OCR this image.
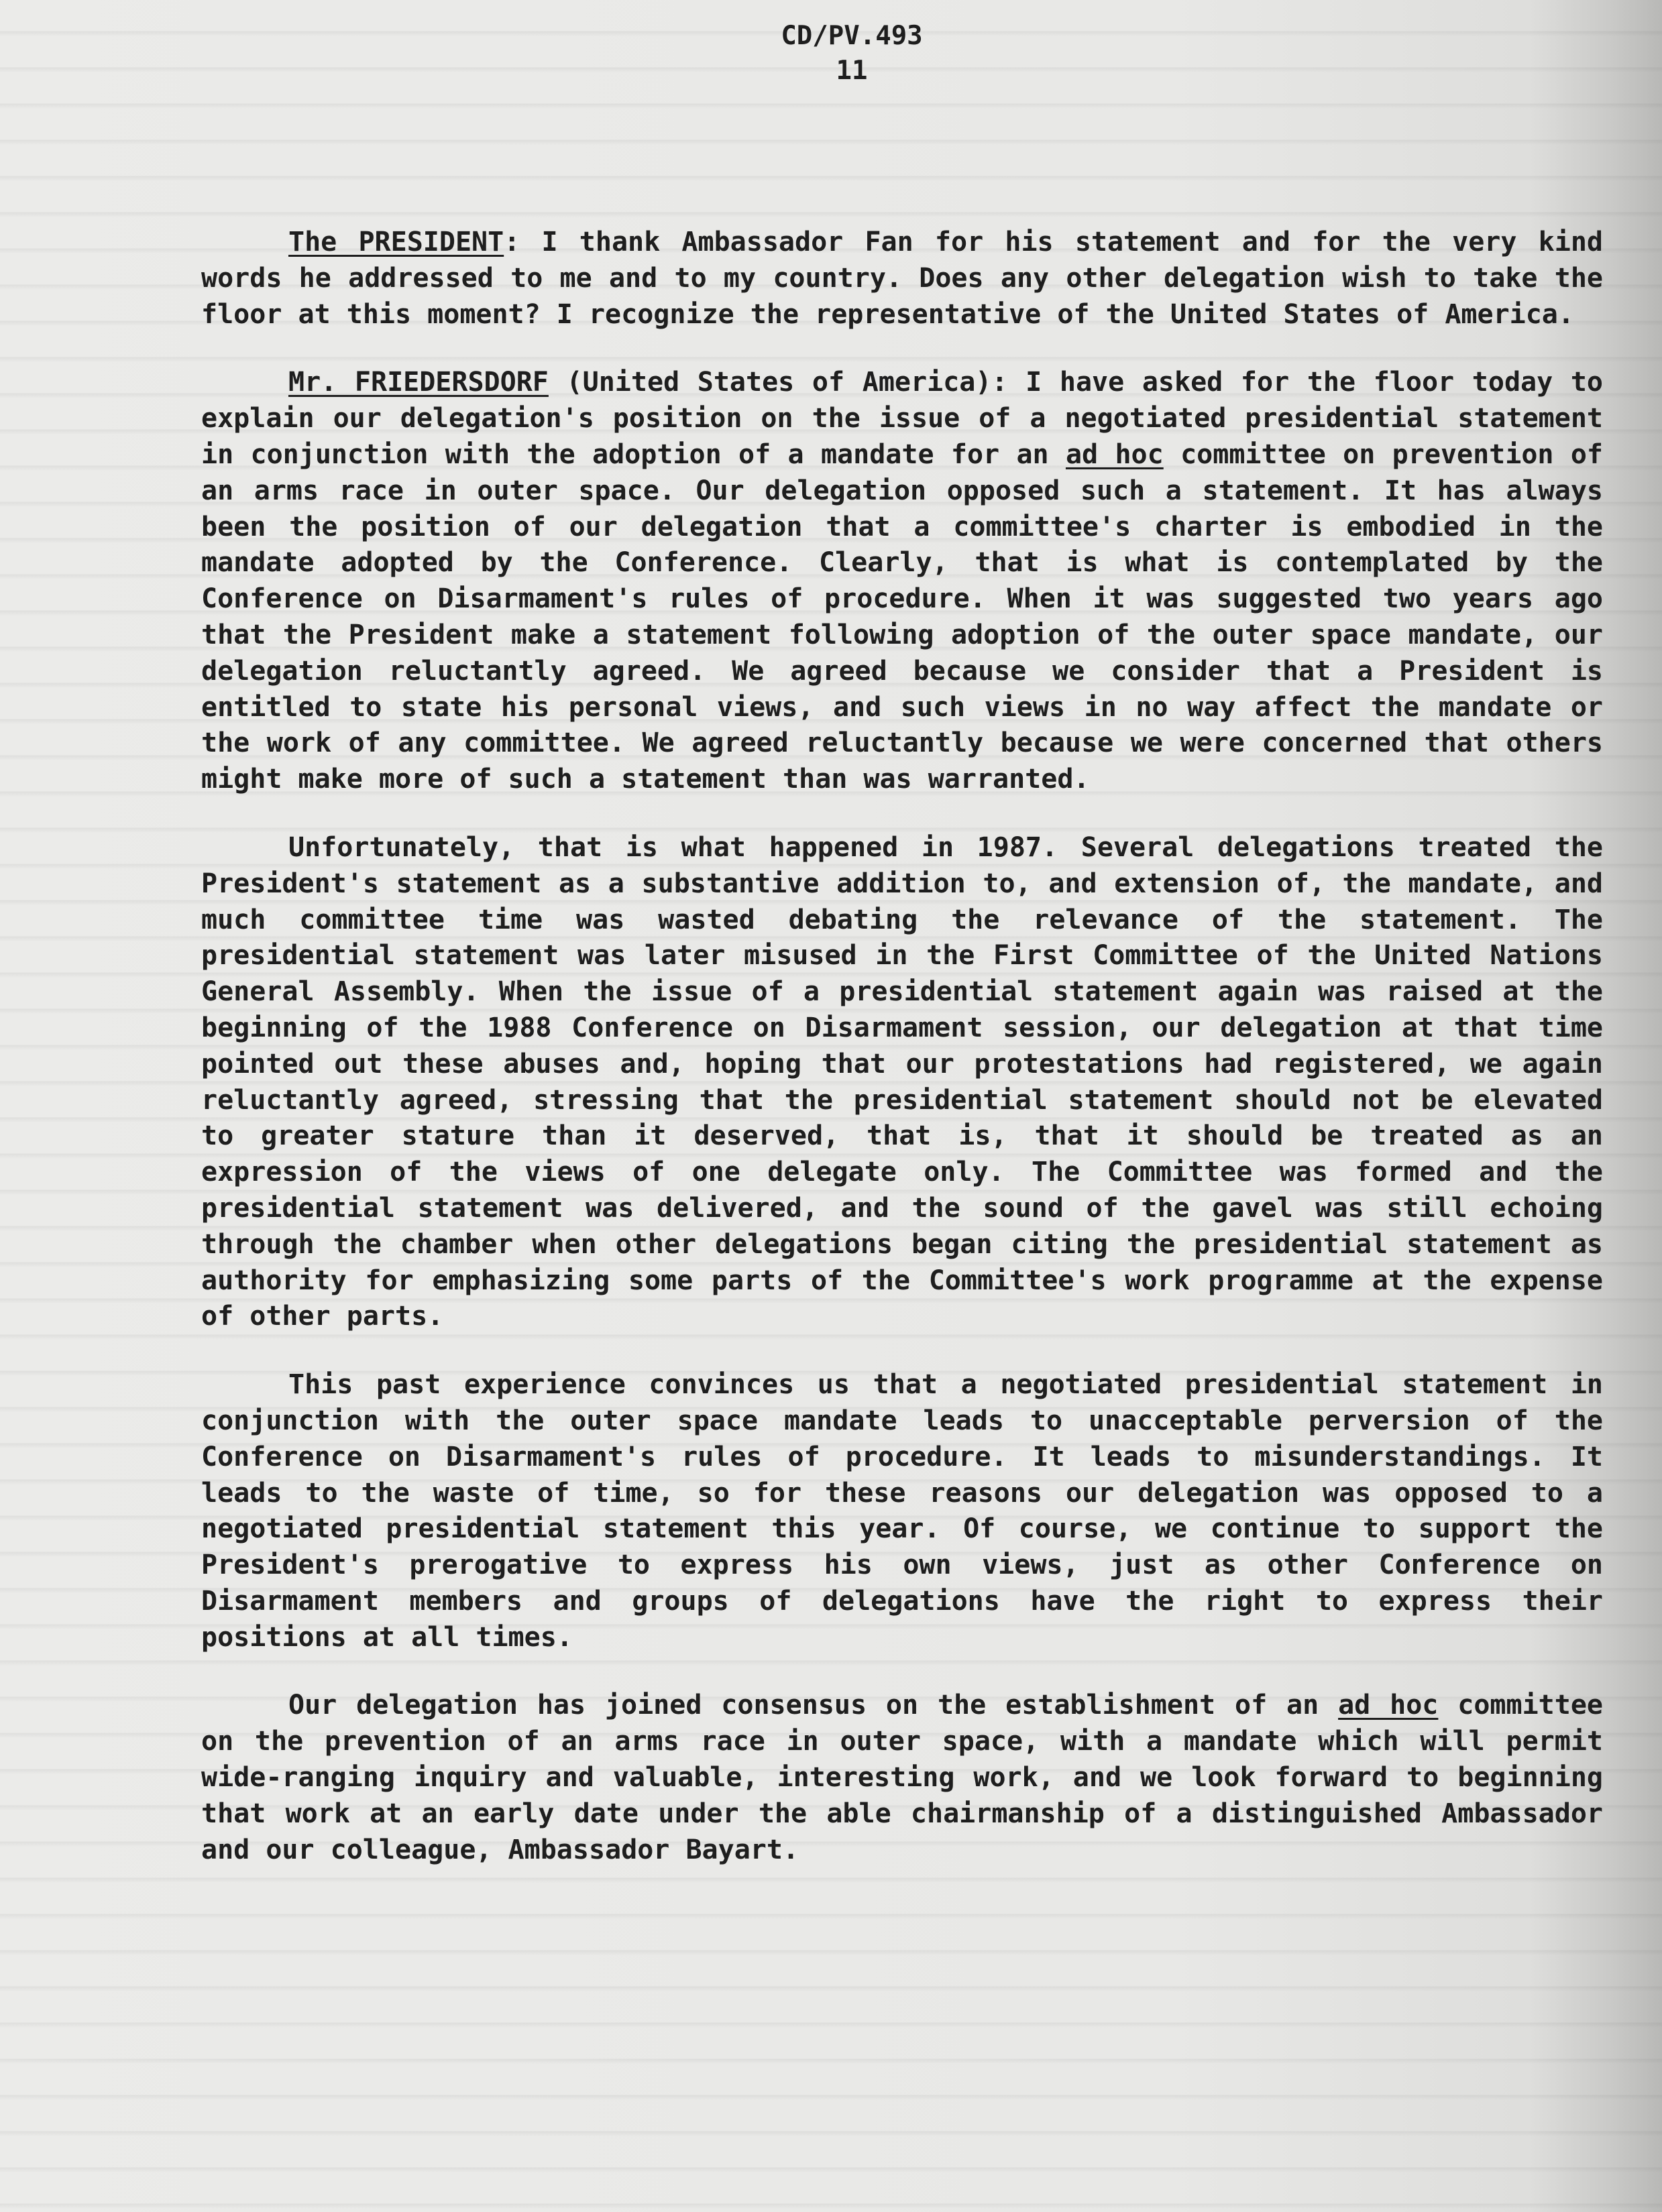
CD/PV.493
11

The PRESIDENT: I thank Ambassador Fan for his statement and for the very kind words he addressed to me and to my country. Does any other delegation wish to take the floor at this moment? I recognize the representative of the United States of America.

Mr. FRIEDERSDORF (United States of America): I have asked for the floor today to explain our delegation's position on the issue of a negotiated presidential statement in conjunction with the adoption of a mandate for an ad hoc committee on prevention of an arms race in outer space. Our delegation opposed such a statement. It has always been the position of our delegation that a committee's charter is embodied in the mandate adopted by the Conference. Clearly, that is what is contemplated by the Conference on Disarmament's rules of procedure. When it was suggested two years ago that the President make a statement following adoption of the outer space mandate, our delegation reluctantly agreed. We agreed because we consider that a President is entitled to state his personal views, and such views in no way affect the mandate or the work of any committee. We agreed reluctantly because we were concerned that others might make more of such a statement than was warranted.

Unfortunately, that is what happened in 1987. Several delegations treated the President's statement as a substantive addition to, and extension of, the mandate, and much committee time was wasted debating the relevance of the statement. The presidential statement was later misused in the First Committee of the United Nations General Assembly. When the issue of a presidential statement again was raised at the beginning of the 1988 Conference on Disarmament session, our delegation at that time pointed out these abuses and, hoping that our protestations had registered, we again reluctantly agreed, stressing that the presidential statement should not be elevated to greater stature than it deserved, that is, that it should be treated as an expression of the views of one delegate only. The Committee was formed and the presidential statement was delivered, and the sound of the gavel was still echoing through the chamber when other delegations began citing the presidential statement as authority for emphasizing some parts of the Committee's work programme at the expense of other parts.

This past experience convinces us that a negotiated presidential statement in conjunction with the outer space mandate leads to unacceptable perversion of the Conference on Disarmament's rules of procedure. It leads to misunderstandings. It leads to the waste of time, so for these reasons our delegation was opposed to a negotiated presidential statement this year. Of course, we continue to support the President's prerogative to express his own views, just as other Conference on Disarmament members and groups of delegations have the right to express their positions at all times.

Our delegation has joined consensus on the establishment of an ad hoc committee on the prevention of an arms race in outer space, with a mandate which will permit wide-ranging inquiry and valuable, interesting work, and we look forward to beginning that work at an early date under the able chairmanship of a distinguished Ambassador and our colleague, Ambassador Bayart.
